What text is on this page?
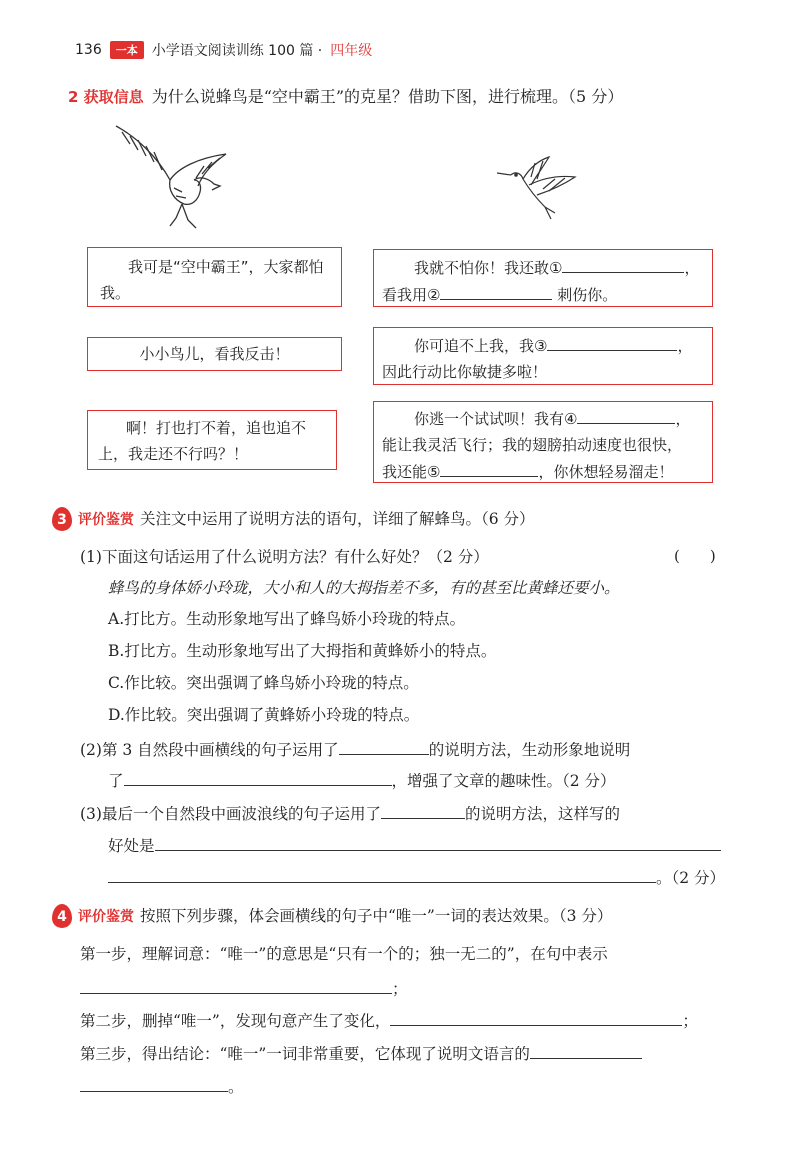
136	一本	小学语文阅读训练 100 篇 · 四年级
2 获取信息 为什么说蜂鸟是“空中霸王”的克星？借助下图，进行梳理。（5 分）
我可是“空中霸王”，大家都怕我。
小小鸟儿，看我反击！
啊！打也打不着，追也追不上，我走还不行吗？！
我就不怕你！我还敢①	，
看我用②	刺伤你。
你可追不上我，我③	，
因此行动比你敏捷多啦！
你逃一个试试呗！我有④	，
能让我灵活飞行；我的翅膀拍动速度也很快，
我还能⑤	，你休想轻易溜走！
3 评价鉴赏 关注文中运用了说明方法的语句，详细了解蜂鸟。（6 分）
(1)下面这句话运用了什么说明方法？有什么好处？（2 分）	(　　)
蜂鸟的身体娇小玲珑，大小和人的大拇指差不多，有的甚至比黄蜂还要小。
A.打比方。生动形象地写出了蜂鸟娇小玲珑的特点。
B.打比方。生动形象地写出了大拇指和黄蜂娇小的特点。
C.作比较。突出强调了蜂鸟娇小玲珑的特点。
D.作比较。突出强调了黄蜂娇小玲珑的特点。
(2)第 3 自然段中画横线的句子运用了	的说明方法，生动形象地说明
了	，增强了文章的趣味性。（2 分）
(3)最后一个自然段中画波浪线的句子运用了	的说明方法，这样写的
好处是
。（2 分）
4 评价鉴赏 按照下列步骤，体会画横线的句子中“唯一”一词的表达效果。（3 分）
第一步，理解词意：“唯一”的意思是“只有一个的；独一无二的”，在句中表示
；
第二步，删掉“唯一”，发现句意产生了变化，	；
第三步，得出结论：“唯一”一词非常重要，它体现了说明文语言的
。
